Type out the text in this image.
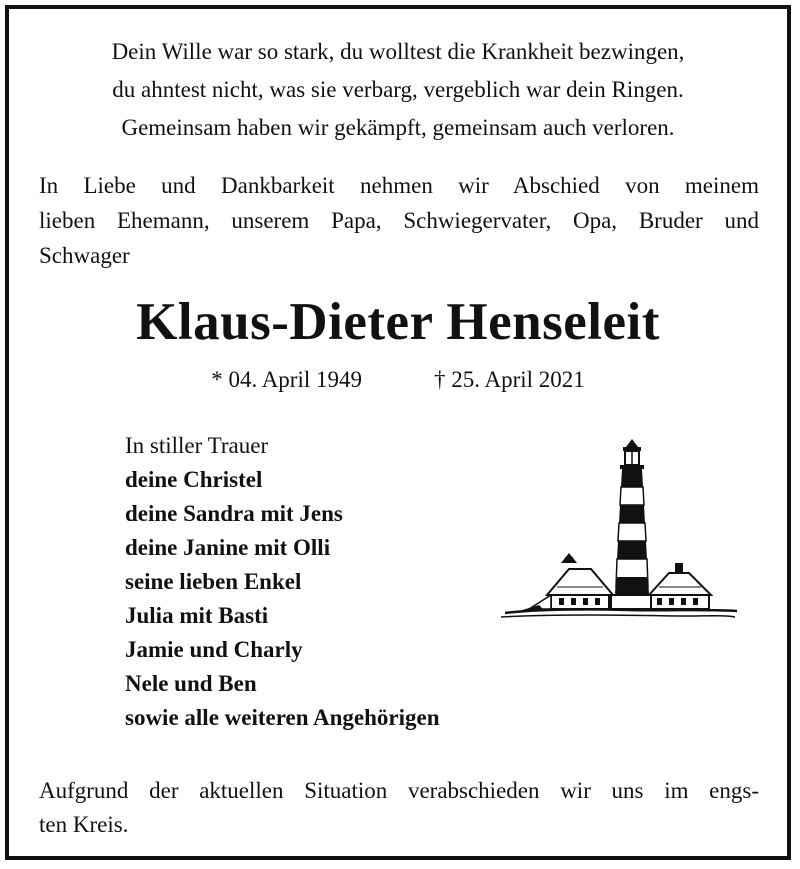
Dein Wille war so stark, du wolltest die Krankheit bezwingen,
du ahntest nicht, was sie verbarg, vergeblich war dein Ringen.
Gemeinsam haben wir gekämpft, gemeinsam auch verloren.
In Liebe und Dankbarkeit nehmen wir Abschied von meinem
lieben Ehemann, unserem Papa, Schwiegervater, Opa, Bruder und
Schwager
Klaus-Dieter Henseleit
* 04. April 1949	† 25. April 2021
In stiller Trauer
deine Christel
deine Sandra mit Jens
deine Janine mit Olli
seine lieben Enkel
Julia mit Basti
Jamie und Charly
Nele und Ben
sowie alle weiteren Angehörigen
Aufgrund der aktuellen Situation verabschieden wir uns im engs-
ten Kreis.
